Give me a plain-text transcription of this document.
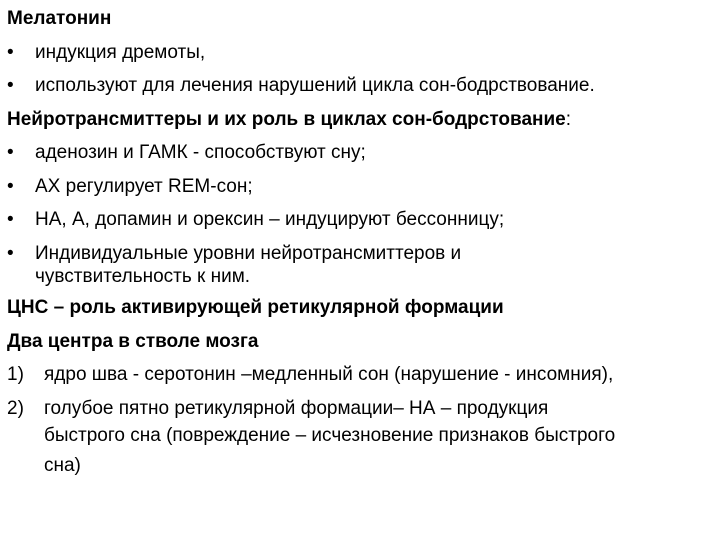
Мелатонин
• индукция дремоты,
• используют для лечения нарушений цикла сон-бодрствование.
Нейротрансмиттеры и их роль в циклах сон-бодрстование:
• аденозин и ГАМК - способствуют сну;
• АХ регулирует REM-сон;
• НА, А, допамин и орексин – индуцируют бессонницу;
• Индивидуальные уровни нейротрансмиттеров и
чувствительность к ним.
ЦНС – роль активирующей ретикулярной формации
Два центра в стволе мозга
1) ядро шва - серотонин –медленный сон (нарушение - инсомния),
2) голубое пятно ретикулярной формации– НА – продукция
быстрого сна (повреждение – исчезновение признаков быстрого
сна)
